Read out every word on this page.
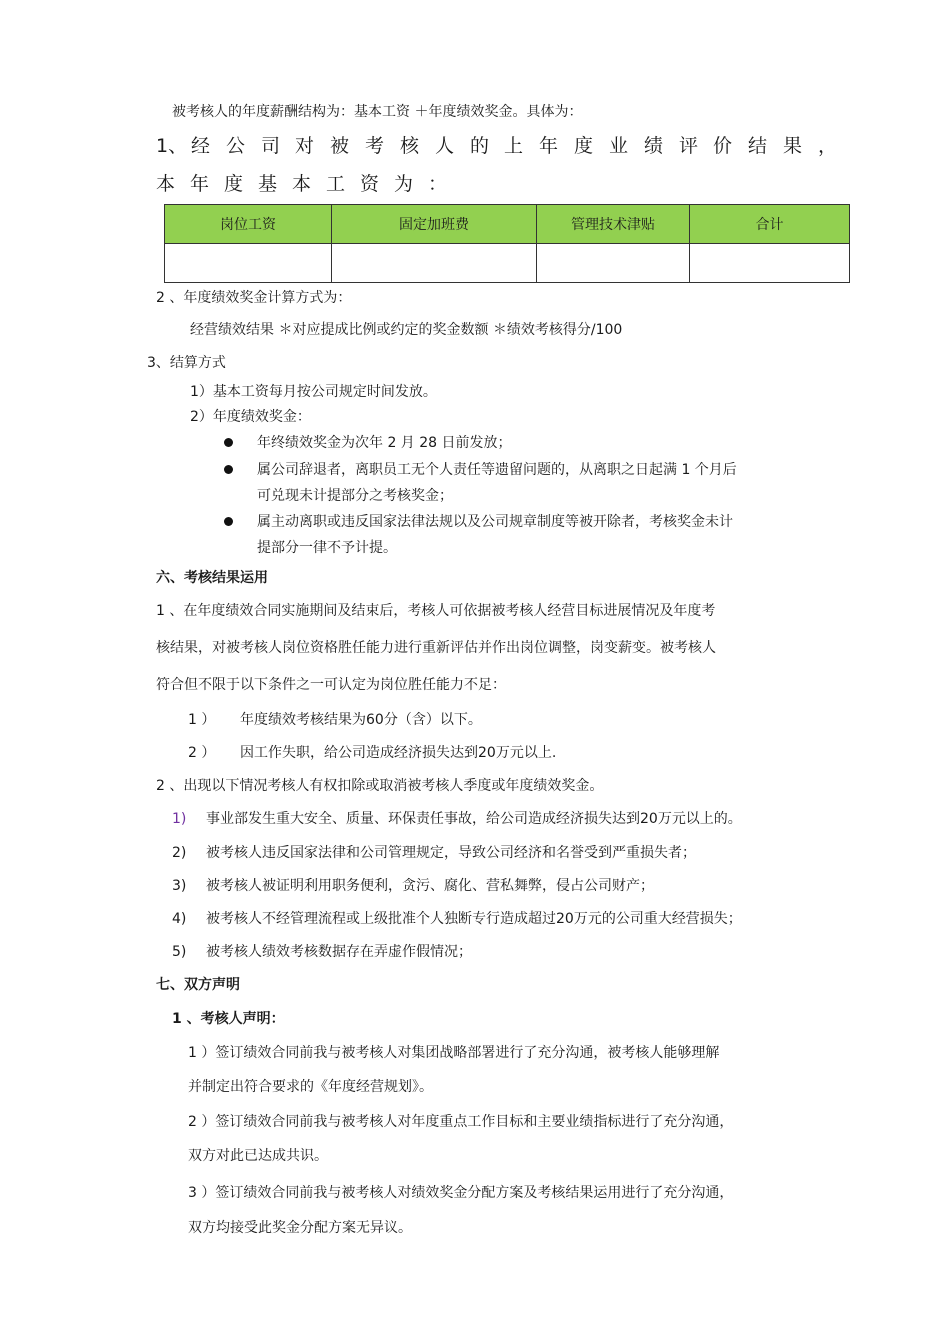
被考核人的年度薪酬结构为：基本工资 ＋年度绩效奖金。具体为：
1、 经 公 司 对 被 考 核 人 的 上 年 度 业 绩 评 价 结 果 ，
本 年 度 基 本 工 资 为 ：
岗位工资	固定加班费	管理技术津贴	合计

2 、年度绩效奖金计算方式为：
经营绩效结果 ＊对应提成比例或约定的奖金数额 ＊绩效考核得分/100
3、结算方式
1）基本工资每月按公司规定时间发放。
2）年度绩效奖金：
年终绩效奖金为次年 2 月 28 日前发放；
属公司辞退者，离职员工无个人责任等遗留问题的，从离职之日起满 1 个月后
可兑现未计提部分之考核奖金；
属主动离职或违反国家法律法规以及公司规章制度等被开除者，考核奖金未计
提部分一律不予计提。
六、考核结果运用
1 、在年度绩效合同实施期间及结束后，考核人可依据被考核人经营目标进展情况及年度考
核结果，对被考核人岗位资格胜任能力进行重新评估并作出岗位调整，岗变薪变。被考核人
符合但不限于以下条件之一可认定为岗位胜任能力不足：
1 ） 年度绩效考核结果为60分（含）以下。
2 ） 因工作失职，给公司造成经济损失达到20万元以上.
2 、出现以下情况考核人有权扣除或取消被考核人季度或年度绩效奖金。
1) 事业部发生重大安全、质量、环保责任事故，给公司造成经济损失达到20万元以上的。
2) 被考核人违反国家法律和公司管理规定，导致公司经济和名誉受到严重损失者；
3) 被考核人被证明利用职务便利，贪污、腐化、营私舞弊，侵占公司财产；
4) 被考核人不经管理流程或上级批准个人独断专行造成超过20万元的公司重大经营损失；
5) 被考核人绩效考核数据存在弄虚作假情况；
七、双方声明
1 、考核人声明：
1 ）签订绩效合同前我与被考核人对集团战略部署进行了充分沟通，被考核人能够理解
并制定出符合要求的《年度经营规划》。
2 ）签订绩效合同前我与被考核人对年度重点工作目标和主要业绩指标进行了充分沟通，
双方对此已达成共识。
3 ）签订绩效合同前我与被考核人对绩效奖金分配方案及考核结果运用进行了充分沟通，
双方均接受此奖金分配方案无异议。
